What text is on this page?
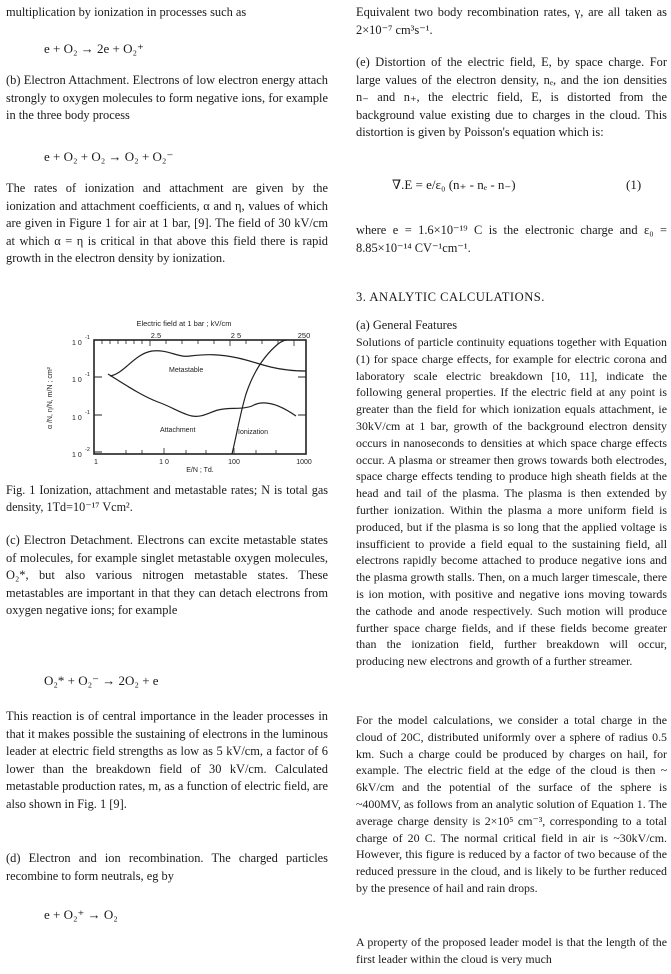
multiplication by ionization in processes such as

e + O₂ → 2e + O₂⁺

(b) Electron Attachment. Electrons of low electron energy attach strongly to oxygen molecules to form negative ions, for example in the three body process

e + O₂ + O₂ → O₂ + O₂⁻

The rates of ionization and attachment are given by the ionization and attachment coefficients, α and η, values of which are given in Figure 1 for air at 1 bar, [9]. The field of 30 kV/cm at which α = η is critical in that above this field there is rapid growth in the electron density by ionization.

Electric field at 1 bar ; kV/cm
2.5	2 5	250
1 0
-1
1 0
-1
1 0
-1
1 0
-2
α /N, η/N, m/N ; cm²	Metastable
Attachment	Ionization
1	1 0	100	1000
E/N ; Td.

Fig. 1 Ionization, attachment and metastable rates; N is total gas density, 1Td=10⁻¹⁷ Vcm².

(c) Electron Detachment. Electrons can excite metastable states of molecules, for example singlet metastable oxygen molecules, O₂*, but also various nitrogen metastable states. These metastables are important in that they can detach electrons from oxygen negative ions; for example

O₂* + O₂⁻ → 2O₂ + e

This reaction is of central importance in the leader processes in that it makes possible the sustaining of electrons in the luminous leader at electric field strengths as low as 5 kV/cm, a factor of 6 lower than the breakdown field of 30 kV/cm. Calculated metastable production rates, m, as a function of electric field, are also shown in Fig. 1 [9].

(d) Electron and ion recombination. The charged particles recombine to form neutrals, eg by

e + O₂⁺ → O₂

Equivalent two body recombination rates, γ, are all taken as 2×10⁻⁷ cm³s⁻¹.

(e) Distortion of the electric field, E, by space charge. For large values of the electron density, nₑ, and the ion densities n₋ and n₊, the electric field, E, is distorted from the background value existing due to charges in the cloud. This distortion is given by Poisson's equation which is:

∇.E = e/ε₀ (n₊ - nₑ - n₋)	(1)

where e = 1.6×10⁻¹⁹ C is the electronic charge and ε₀ = 8.85×10⁻¹⁴ CV⁻¹cm⁻¹.

3. ANALYTIC CALCULATIONS.
(a) General Features

Solutions of particle continuity equations together with Equation (1) for space charge effects, for example for electric corona and laboratory scale electric breakdown [10, 11], indicate the following general properties. If the electric field at any point is greater than the field for which ionization equals attachment, ie 30kV/cm at 1 bar, growth of the background electron density occurs in nanoseconds to densities at which space charge effects occur. A plasma or streamer then grows towards both electrodes, space charge effects tending to produce high sheath fields at the head and tail of the plasma. The plasma is then extended by further ionization. Within the plasma a more uniform field is produced, but if the plasma is so long that the applied voltage is insufficient to provide a field equal to the sustaining field, all electrons rapidly become attached to produce negative ions and the plasma growth stalls. Then, on a much larger timescale, there is ion motion, with positive and negative ions moving towards the cathode and anode respectively. Such motion will produce further space charge fields, and if these fields become greater than the ionization field, further breakdown will occur, producing new electrons and growth of a further streamer.

For the model calculations, we consider a total charge in the cloud of 20C, distributed uniformly over a sphere of radius 0.5 km. Such a charge could be produced by charges on hail, for example. The electric field at the edge of the cloud is then ~ 6kV/cm and the potential of the surface of the sphere is ~400MV, as follows from an analytic solution of Equation 1. The average charge density is 2×10⁵ cm⁻³, corresponding to a total charge of 20 C. The normal critical field in air is ~30kV/cm. However, this figure is reduced by a factor of two because of the reduced pressure in the cloud, and is likely to be further reduced by the presence of hail and rain drops.

A property of the proposed leader model is that the length of the first leader within the cloud is very much
